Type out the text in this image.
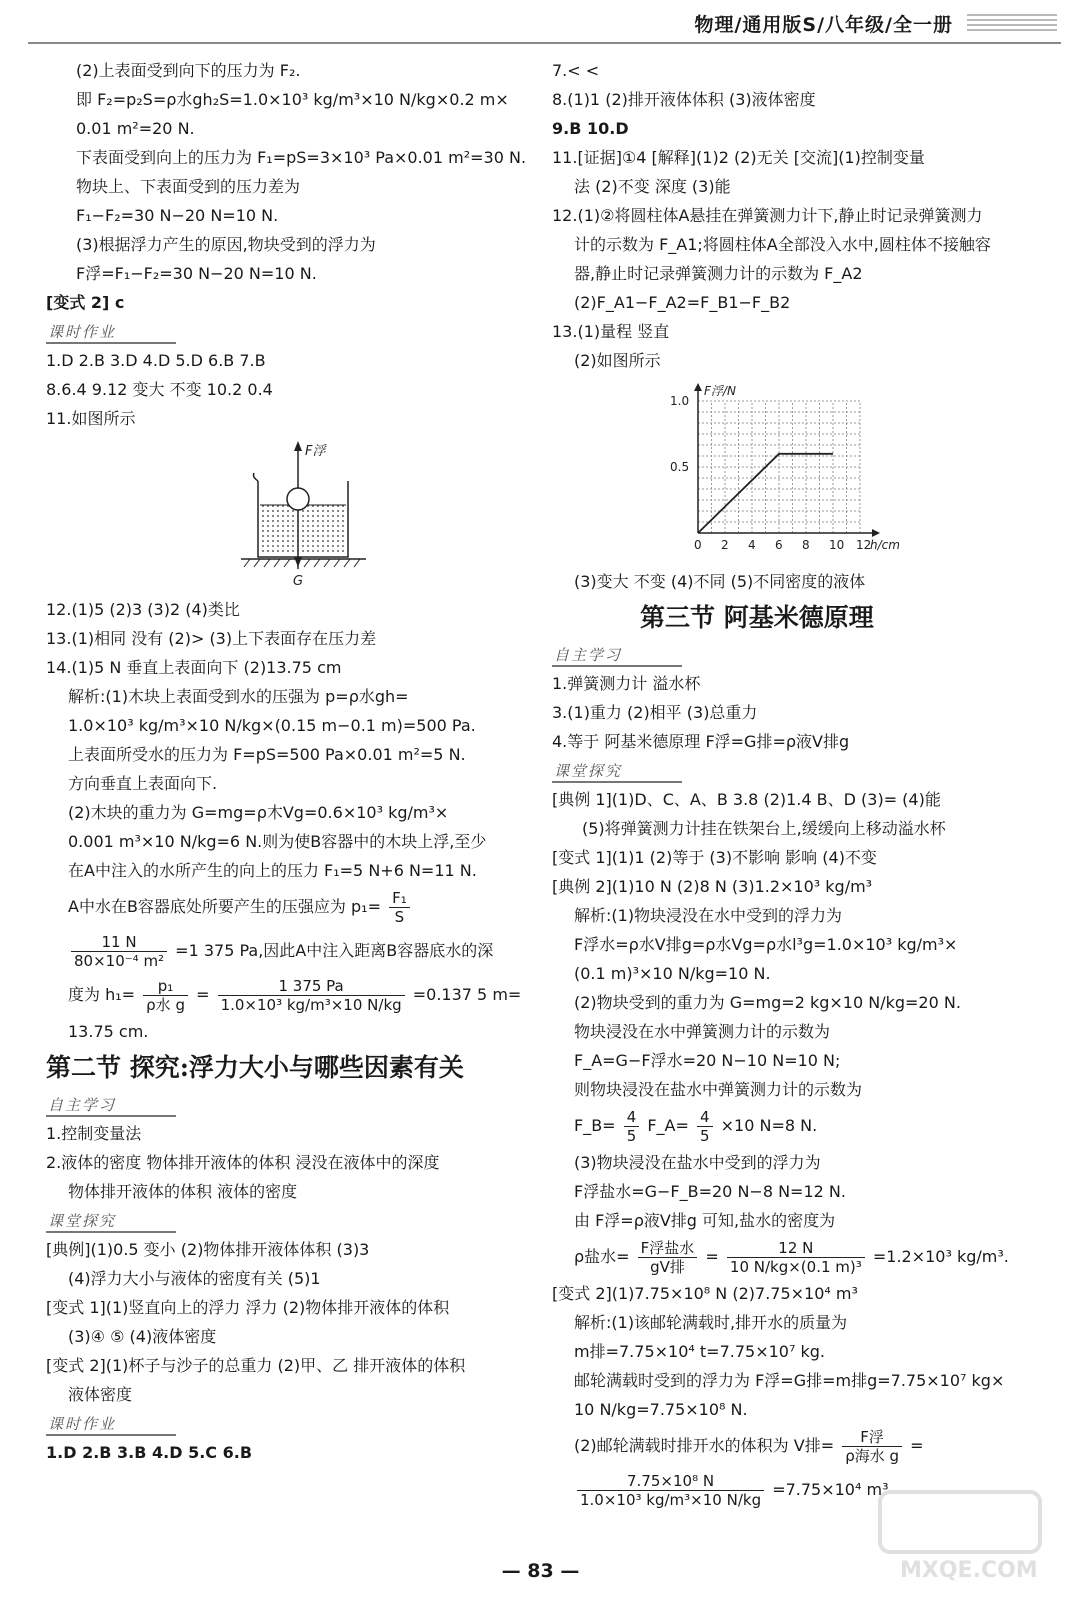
物理/通用版S/八年级/全一册
(2)上表面受到向下的压力为 F₂.
即 F₂=p₂S=ρ水gh₂S=1.0×10³ kg/m³×10 N/kg×0.2 m×
0.01 m²=20 N.
下表面受到向上的压力为 F₁=pS=3×10³ Pa×0.01 m²=30 N.
物块上、下表面受到的压力差为
F₁−F₂=30 N−20 N=10 N.
(3)根据浮力产生的原因,物块受到的浮力为
F浮=F₁−F₂=30 N−20 N=10 N.
[变式 2] c
课时作业
1.D 2.B 3.D 4.D 5.D 6.B 7.B
8.6.4 9.12 变大 不变 10.2 0.4
11.如图所示
F浮
G
12.(1)5 (2)3 (3)2 (4)类比
13.(1)相同 没有 (2)> (3)上下表面存在压力差
14.(1)5 N 垂直上表面向下 (2)13.75 cm
解析:(1)木块上表面受到水的压强为 p=ρ水gh=
1.0×10³ kg/m³×10 N/kg×(0.15 m−0.1 m)=500 Pa.
上表面所受水的压力为 F=pS=500 Pa×0.01 m²=5 N.
方向垂直上表面向下.
(2)木块的重力为 G=mg=ρ木Vg=0.6×10³ kg/m³×
0.001 m³×10 N/kg=6 N.则为使B容器中的木块上浮,至少
在A中注入的水所产生的向上的压力 F₁=5 N+6 N=11 N.
A中水在B容器底处所要产生的压强应为 $p_1= \frac{\text{F₁}}{S}$
$\frac{11 N}{\text{80×10⁻⁴ m²}} =1$ 375 Pa,因此A中注入距离B容器底水的深
度为 $h_1= \frac{\text{p₁}}{\text{ρ水 g}} = \frac{1 375 Pa}{\text{1.0×10³ kg/m³×10 N/kg}} =0.137$ 5 m=
13.75 cm.
第二节 探究:浮力大小与哪些因素有关
自主学习
1.控制变量法
2.液体的密度 物体排开液体的体积 浸没在液体中的深度
物体排开液体的体积 液体的密度
课堂探究
[典例](1)0.5 变小 (2)物体排开液体体积 (3)3
(4)浮力大小与液体的密度有关 (5)1
[变式 1](1)竖直向上的浮力 浮力 (2)物体排开液体的体积
(3)④ ⑤ (4)液体密度
[变式 2](1)杯子与沙子的总重力 (2)甲、乙 排开液体的体积
液体密度
课时作业
1.D 2.B 3.B 4.D 5.C 6.B
7.< <
8.(1)1 (2)排开液体体积 (3)液体密度
9.B 10.D
11.[证据]①4 [解释](1)2 (2)无关 [交流](1)控制变量
法 (2)不变 深度 (3)能
12.(1)②将圆柱体A悬挂在弹簧测力计下,静止时记录弹簧测力
计的示数为 F_A1;将圆柱体A全部没入水中,圆柱体不接触容
器,静止时记录弹簧测力计的示数为 F_A2
(2)F_A1−F_A2=F_B1−F_B2
13.(1)量程 竖直
(2)如图所示
F浮/N
h/cm
0 2 4 6 8 10 12
0.5
1.0
(3)变大 不变 (4)不同 (5)不同密度的液体
第三节 阿基米德原理
自主学习
1.弹簧测力计 溢水杯
3.(1)重力 (2)相平 (3)总重力
4.等于 阿基米德原理 F浮=G排=ρ液V排g
课堂探究
[典例 1](1)D、C、A、B 3.8 (2)1.4 B、D (3)= (4)能
(5)将弹簧测力计挂在铁架台上,缓缓向上移动溢水杯
[变式 1](1)1 (2)等于 (3)不影响 影响 (4)不变
[典例 2](1)10 N (2)8 N (3)1.2×10³ kg/m³
解析:(1)物块浸没在水中受到的浮力为
F浮水=ρ水V排g=ρ水Vg=ρ水l³g=1.0×10³ kg/m³×
(0.1 m)³×10 N/kg=10 N.
(2)物块受到的重力为 G=mg=2 kg×10 N/kg=20 N.
物块浸没在水中弹簧测力计的示数为
F_A=G−F浮水=20 N−10 N=10 N;
则物块浸没在盐水中弹簧测力计的示数为
F_B= $\frac{4}{5}$ F_A= $\frac{4}{5} \times 10$ N=8 N.
(3)物块浸没在盐水中受到的浮力为
F浮盐水=G−F_B=20 N−8 N=12 N.
由 F浮=ρ液V排g 可知,盐水的密度为
ρ盐水= $\frac{\text{F浮盐水}}{\text{gV排}} = \frac{12 N}{\text{10 N/kg×(0.1 m)³}} =1.2\times 10^3$ kg/m³.
[变式 2](1)7.75×10⁸ N (2)7.75×10⁴ m³
解析:(1)该邮轮满载时,排开水的质量为
m排=7.75×10⁴ t=7.75×10⁷ kg.
邮轮满载时受到的浮力为 F浮=G排=m排g=7.75×10⁷ kg×
10 N/kg=7.75×10⁸ N.
(2)邮轮满载时排开水的体积为 V排= $\frac{\text{F浮}}{\text{ρ海水 g}}$ =
$\frac{\text{7.75×10⁸ N}}{\text{1.0×10³ kg/m³×10 N/kg}} =7.75\times 10^4$ m³
— 83 —	MXQE.COM
